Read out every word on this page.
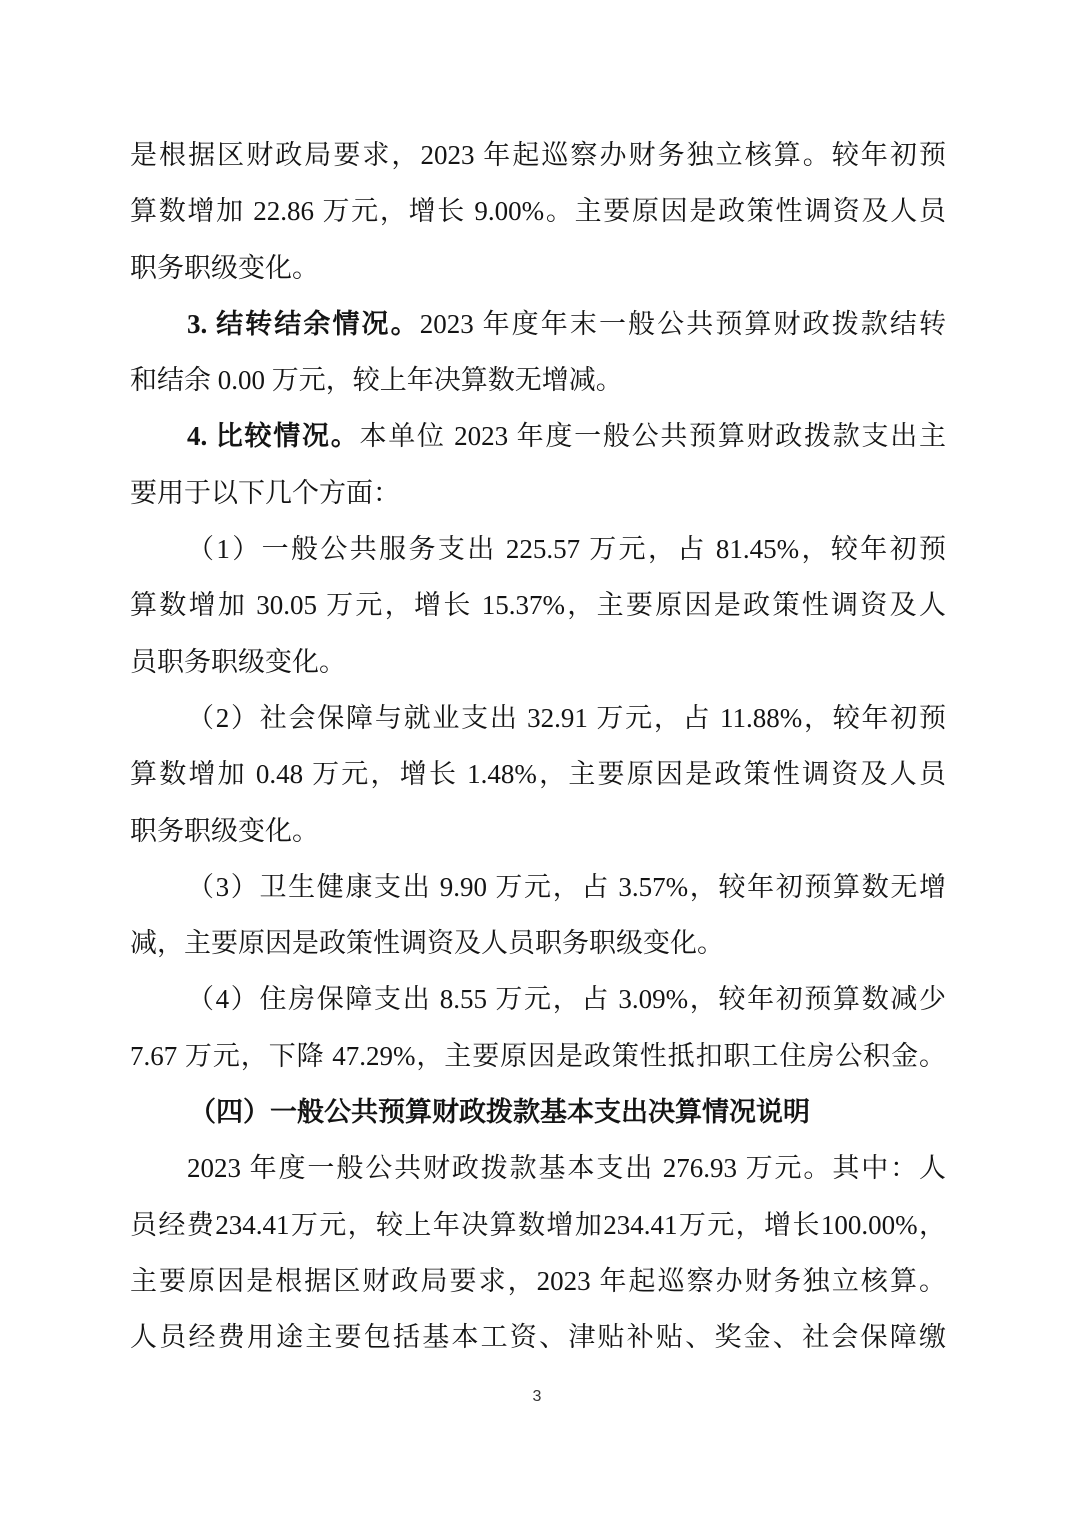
是根据区财政局要求，2023 年起巡察办财务独立核算。较年初预
算数增加 22.86 万元，增长 9.00%。主要原因是政策性调资及人员
职务职级变化。
3. 结转结余情况。2023 年度年末一般公共预算财政拨款结转
和结余 0.00 万元，较上年决算数无增减。
4. 比较情况。本单位 2023 年度一般公共预算财政拨款支出主
要用于以下几个方面：
（1）一般公共服务支出 225.57 万元，占 81.45%，较年初预
算数增加 30.05 万元，增长 15.37%，主要原因是政策性调资及人
员职务职级变化。
（2）社会保障与就业支出 32.91 万元，占 11.88%，较年初预
算数增加 0.48 万元，增长 1.48%，主要原因是政策性调资及人员
职务职级变化。
（3）卫生健康支出 9.90 万元，占 3.57%，较年初预算数无增
减，主要原因是政策性调资及人员职务职级变化。
（4）住房保障支出 8.55 万元，占 3.09%，较年初预算数减少
7.67 万元，下降 47.29%，主要原因是政策性抵扣职工住房公积金。
（四）一般公共预算财政拨款基本支出决算情况说明
2023 年度一般公共财政拨款基本支出 276.93 万元。其中：人
员经费234.41万元，较上年决算数增加234.41万元，增长100.00%，
主要原因是根据区财政局要求，2023 年起巡察办财务独立核算。
人员经费用途主要包括基本工资、津贴补贴、奖金、社会保障缴
3
